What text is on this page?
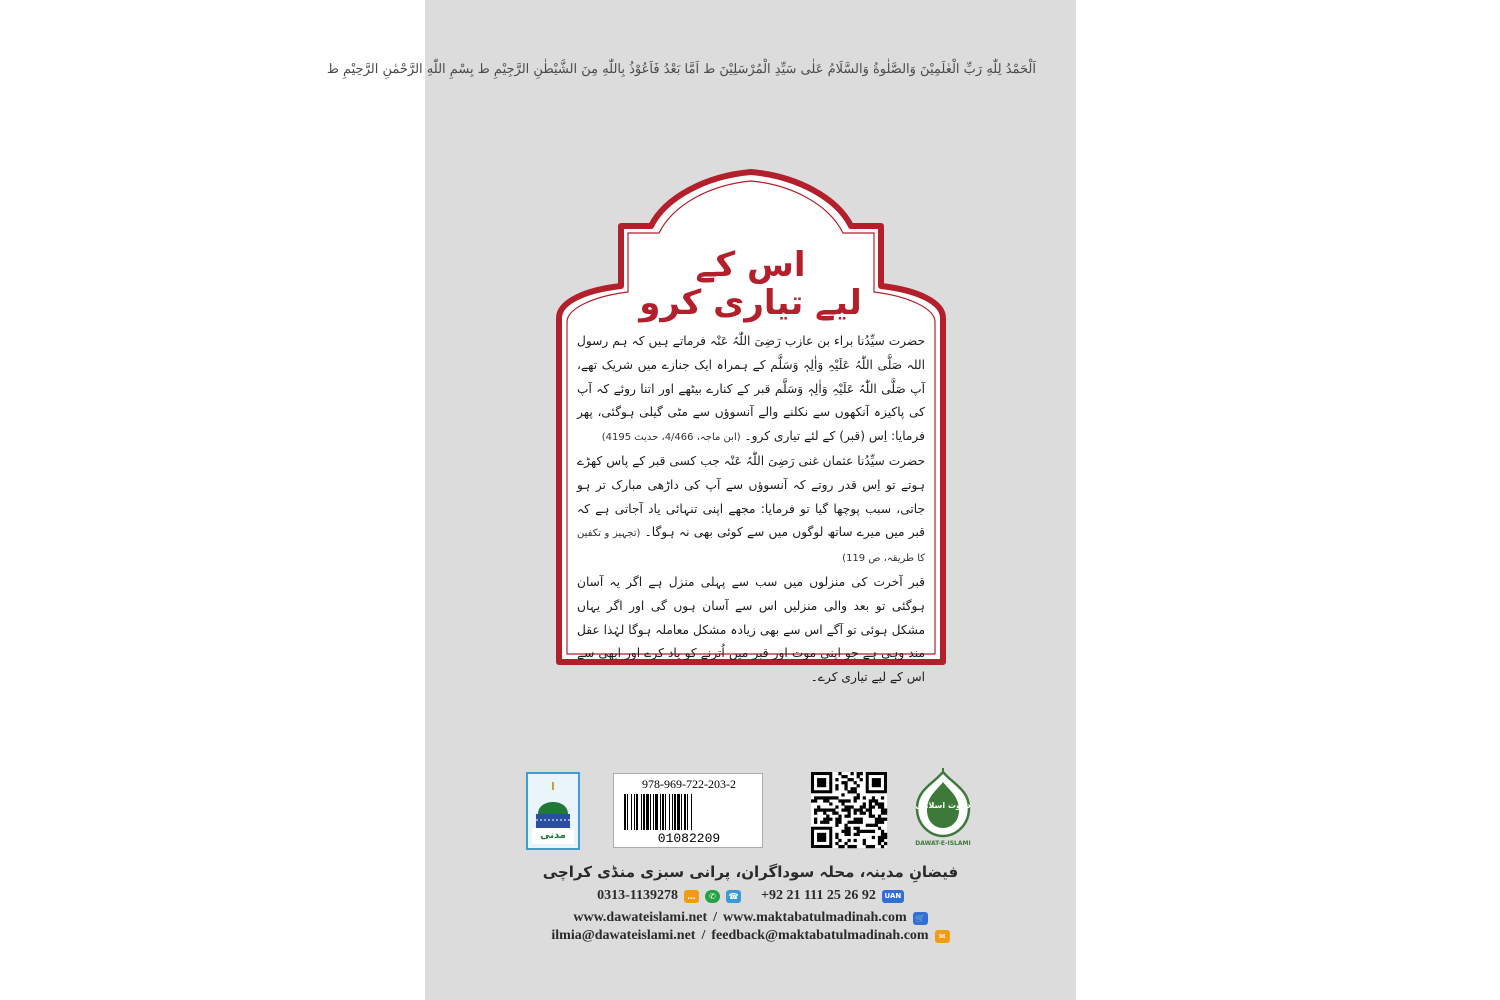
اَلْحَمْدُ لِلّٰهِ رَبِّ الْعٰلَمِيْنَ وَالصَّلٰوةُ وَالسَّلَامُ عَلٰى سَيِّدِ الْمُرْسَلِيْنَ ط اَمَّا بَعْدُ فَاَعُوْذُ بِاللّٰهِ مِنَ الشَّيْطٰنِ الرَّجِيْمِ ط بِسْمِ اللّٰهِ الرَّحْمٰنِ الرَّحِيْمِ ط
اس کے
لیے تیاری کرو

حضرت سیِّدُنا براء بن عازب رَضِیَ اللّٰہُ عَنْہ فرماتے ہیں کہ ہم رسول اللہ صَلَّی اللّٰہُ عَلَیْہِ وَاٰلِہٖ وَسَلَّم کے ہمراہ ایک جنازے میں شریک تھے، آپ صَلَّی اللّٰہُ عَلَیْہِ وَاٰلِہٖ وَسَلَّم قبر کے کنارے بیٹھے اور اتنا روئے کہ آپ کی پاکیزہ آنکھوں سے نکلنے والے آنسوؤں سے مٹی گیلی ہوگئی، پھر فرمایا: اِس (قبر) کے لئے تیاری کرو۔ (ابن ماجہ، 4/466، حدیث 4195)

حضرت سیِّدُنا عثمان غنی رَضِیَ اللّٰہُ عَنْہ جب کسی قبر کے پاس کھڑے ہوتے تو اِس قدر روتے کہ آنسوؤں سے آپ کی داڑھی مبارک تر ہو جاتی، سبب پوچھا گیا تو فرمایا: مجھے اپنی تنہائی یاد آجاتی ہے کہ قبر میں میرے ساتھ لوگوں میں سے کوئی بھی نہ ہوگا۔ (تجہیز و تکفین کا طریقہ، ص 119)

قبر آخرت کی منزلوں میں سب سے پہلی منزل ہے اگر یہ آسان ہوگئی تو بعد والی منزلیں اس سے آسان ہوں گی اور اگر یہاں مشکل ہوئی تو آگے اس سے بھی زیادہ مشکل معاملہ ہوگا لہٰذا عقل مند وہی ہے جو اپنی موت اور قبر میں اُترنے کو یاد کرے اور ابھی سے اس کے لیے تیاری کرے۔

مدنی
978-969-722-203-2
01082209
دعوت اسلامی
DAWAT-E-ISLAMI
فیضانِ مدینہ، محلہ سوداگران، پرانی سبزی منڈی کراچی
0313-1139278	…	✆	☎ +92 21 111 25 26 92	UAN
www.dawateislami.net / www.maktabatulmadinah.com	🛒
ilmia@dawateislami.net / feedback@maktabatulmadinah.com	✉
